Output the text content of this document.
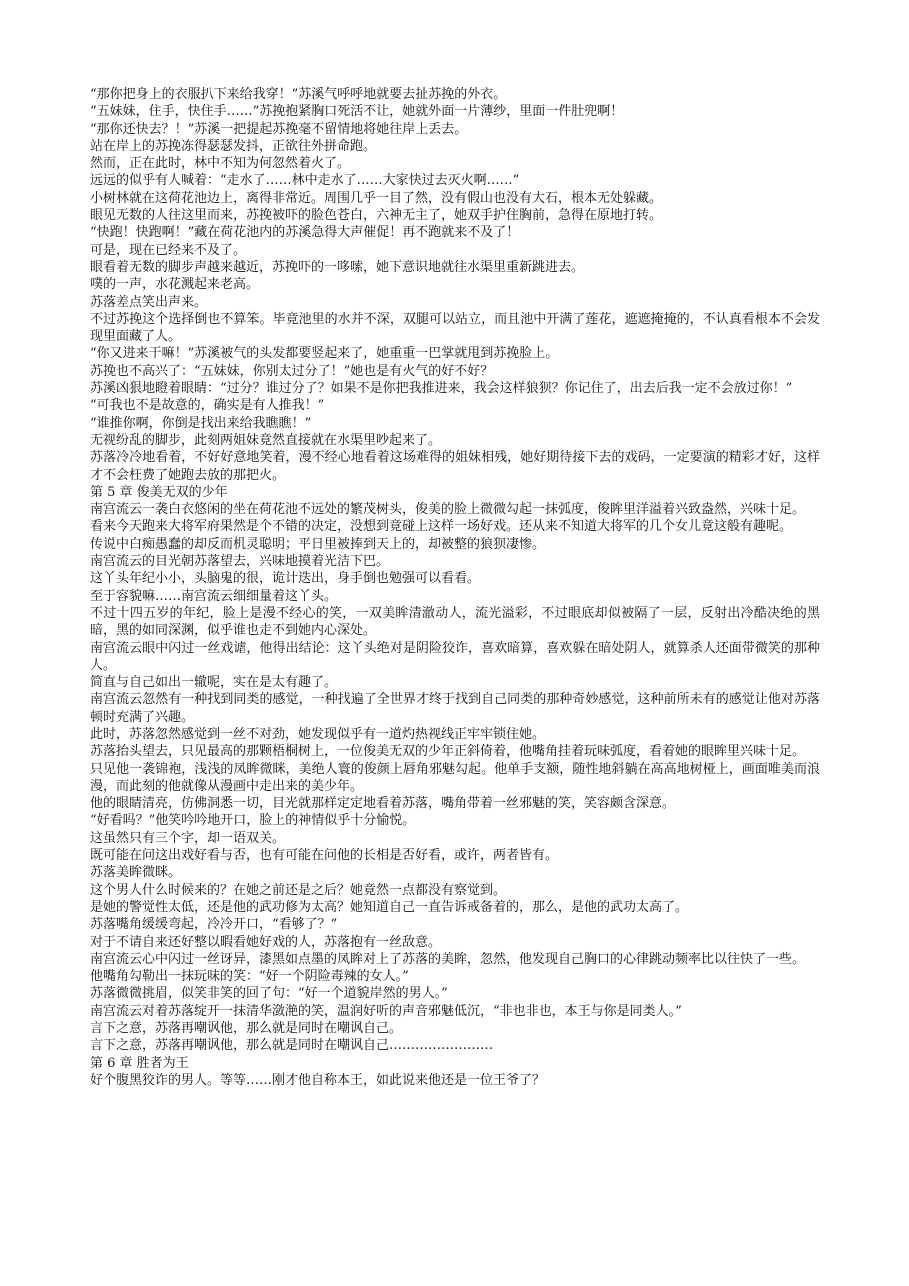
“那你把身上的衣服扒下来给我穿！”苏溪气呼呼地就要去扯苏挽的外衣。

“五妹妹，住手，快住手……”苏挽抱紧胸口死活不让，她就外面一片薄纱，里面一件肚兜啊！

“那你还快去？！”苏溪一把提起苏挽毫不留情地将她往岸上丢去。

站在岸上的苏挽冻得瑟瑟发抖，正欲往外拼命跑。

然而，正在此时，林中不知为何忽然着火了。

远远的似乎有人喊着：“走水了……林中走水了……大家快过去灭火啊……”

小树林就在这荷花池边上，离得非常近。周围几乎一目了然，没有假山也没有大石，根本无处躲藏。

眼见无数的人往这里而来，苏挽被吓的脸色苍白，六神无主了，她双手护住胸前，急得在原地打转。

“快跑！快跑啊！”藏在荷花池内的苏溪急得大声催促！再不跑就来不及了！

可是，现在已经来不及了。

眼看着无数的脚步声越来越近，苏挽吓的一哆嗦，她下意识地就往水渠里重新跳进去。

噗的一声，水花溅起来老高。

苏落差点笑出声来。

不过苏挽这个选择倒也不算笨。毕竟池里的水并不深，双腿可以站立，而且池中开满了莲花，遮遮掩掩的，不认真看根本不会发现里面藏了人。

“你又进来干嘛！”苏溪被气的头发都要竖起来了，她重重一巴掌就甩到苏挽脸上。

苏挽也不高兴了：“五妹妹，你别太过分了！”她也是有火气的好不好？

苏溪凶狠地瞪着眼睛：“过分？谁过分了？如果不是你把我推进来，我会这样狼狈？你记住了，出去后我一定不会放过你！”

“可我也不是故意的，确实是有人推我！”

“谁推你啊，你倒是找出来给我瞧瞧！”

无视纷乱的脚步，此刻两姐妹竟然直接就在水渠里吵起来了。

苏落冷冷地看着，不好好意地笑着，漫不经心地看着这场难得的姐妹相残，她好期待接下去的戏码，一定要演的精彩才好，这样才不会枉费了她跑去放的那把火。

第 5 章 俊美无双的少年

南宫流云一袭白衣悠闲的坐在荷花池不远处的繁茂树头，俊美的脸上微微勾起一抹弧度，俊眸里洋溢着兴致盎然，兴味十足。

看来今天跑来大将军府果然是个不错的决定，没想到竟碰上这样一场好戏。还从来不知道大将军的几个女儿竟这般有趣呢。

传说中白痴愚蠢的却反而机灵聪明；平日里被捧到天上的，却被整的狼狈凄惨。

南宫流云的目光朝苏落望去，兴味地摸着光洁下巴。

这丫头年纪小小，头脑鬼的很，诡计迭出，身手倒也勉强可以看看。

至于容貌嘛……南宫流云细细量着这丫头。

不过十四五岁的年纪，脸上是漫不经心的笑，一双美眸清澈动人，流光溢彩，不过眼底却似被隔了一层，反射出冷酷决绝的黑暗，黑的如同深渊，似乎谁也走不到她内心深处。

南宫流云眼中闪过一丝戏谑，他得出结论：这丫头绝对是阴险狡诈，喜欢暗算，喜欢躲在暗处阴人，就算杀人还面带微笑的那种人。

简直与自己如出一辙呢，实在是太有趣了。

南宫流云忽然有一种找到同类的感觉，一种找遍了全世界才终于找到自己同类的那种奇妙感觉，这种前所未有的感觉让他对苏落顿时充满了兴趣。

此时，苏落忽然感觉到一丝不对劲，她发现似乎有一道灼热视线正牢牢锁住她。

苏落抬头望去，只见最高的那颗梧桐树上，一位俊美无双的少年正斜倚着，他嘴角挂着玩味弧度，看着她的眼眸里兴味十足。

只见他一袭锦袍，浅浅的凤眸微眯，美绝人寰的俊颜上唇角邪魅勾起。他单手支额，随性地斜躺在高高地树桠上，画面唯美而浪漫，而此刻的他就像从漫画中走出来的美少年。

他的眼睛清亮，仿佛洞悉一切，目光就那样定定地看着苏落，嘴角带着一丝邪魅的笑，笑容颇含深意。

“好看吗？”他笑吟吟地开口，脸上的神情似乎十分愉悦。

这虽然只有三个字，却一语双关。

既可能在问这出戏好看与否，也有可能在问他的长相是否好看，或许，两者皆有。

苏落美眸微眯。

这个男人什么时候来的？在她之前还是之后？她竟然一点都没有察觉到。

是她的警觉性太低，还是他的武功修为太高？她知道自己一直告诉戒备着的，那么，是他的武功太高了。

苏落嘴角缓缓弯起，冷冷开口，“看够了？”

对于不请自来还好整以暇看她好戏的人，苏落抱有一丝敌意。

南宫流云心中闪过一丝讶异，漆黑如点墨的凤眸对上了苏落的美眸，忽然，他发现自己胸口的心律跳动频率比以往快了一些。

他嘴角勾勒出一抹玩味的笑：“好一个阴险毒辣的女人。”

苏落微微挑眉，似笑非笑的回了句：“好一个道貌岸然的男人。”

南宫流云对着苏落绽开一抹清华潋滟的笑，温润好听的声音邪魅低沉，“非也非也，本王与你是同类人。”

言下之意，苏落再嘲讽他，那么就是同时在嘲讽自己。

言下之意，苏落再嘲讽他，那么就是同时在嘲讽自己……………………

第 6 章 胜者为王

好个腹黑狡诈的男人。等等……刚才他自称本王，如此说来他还是一位王爷了？
